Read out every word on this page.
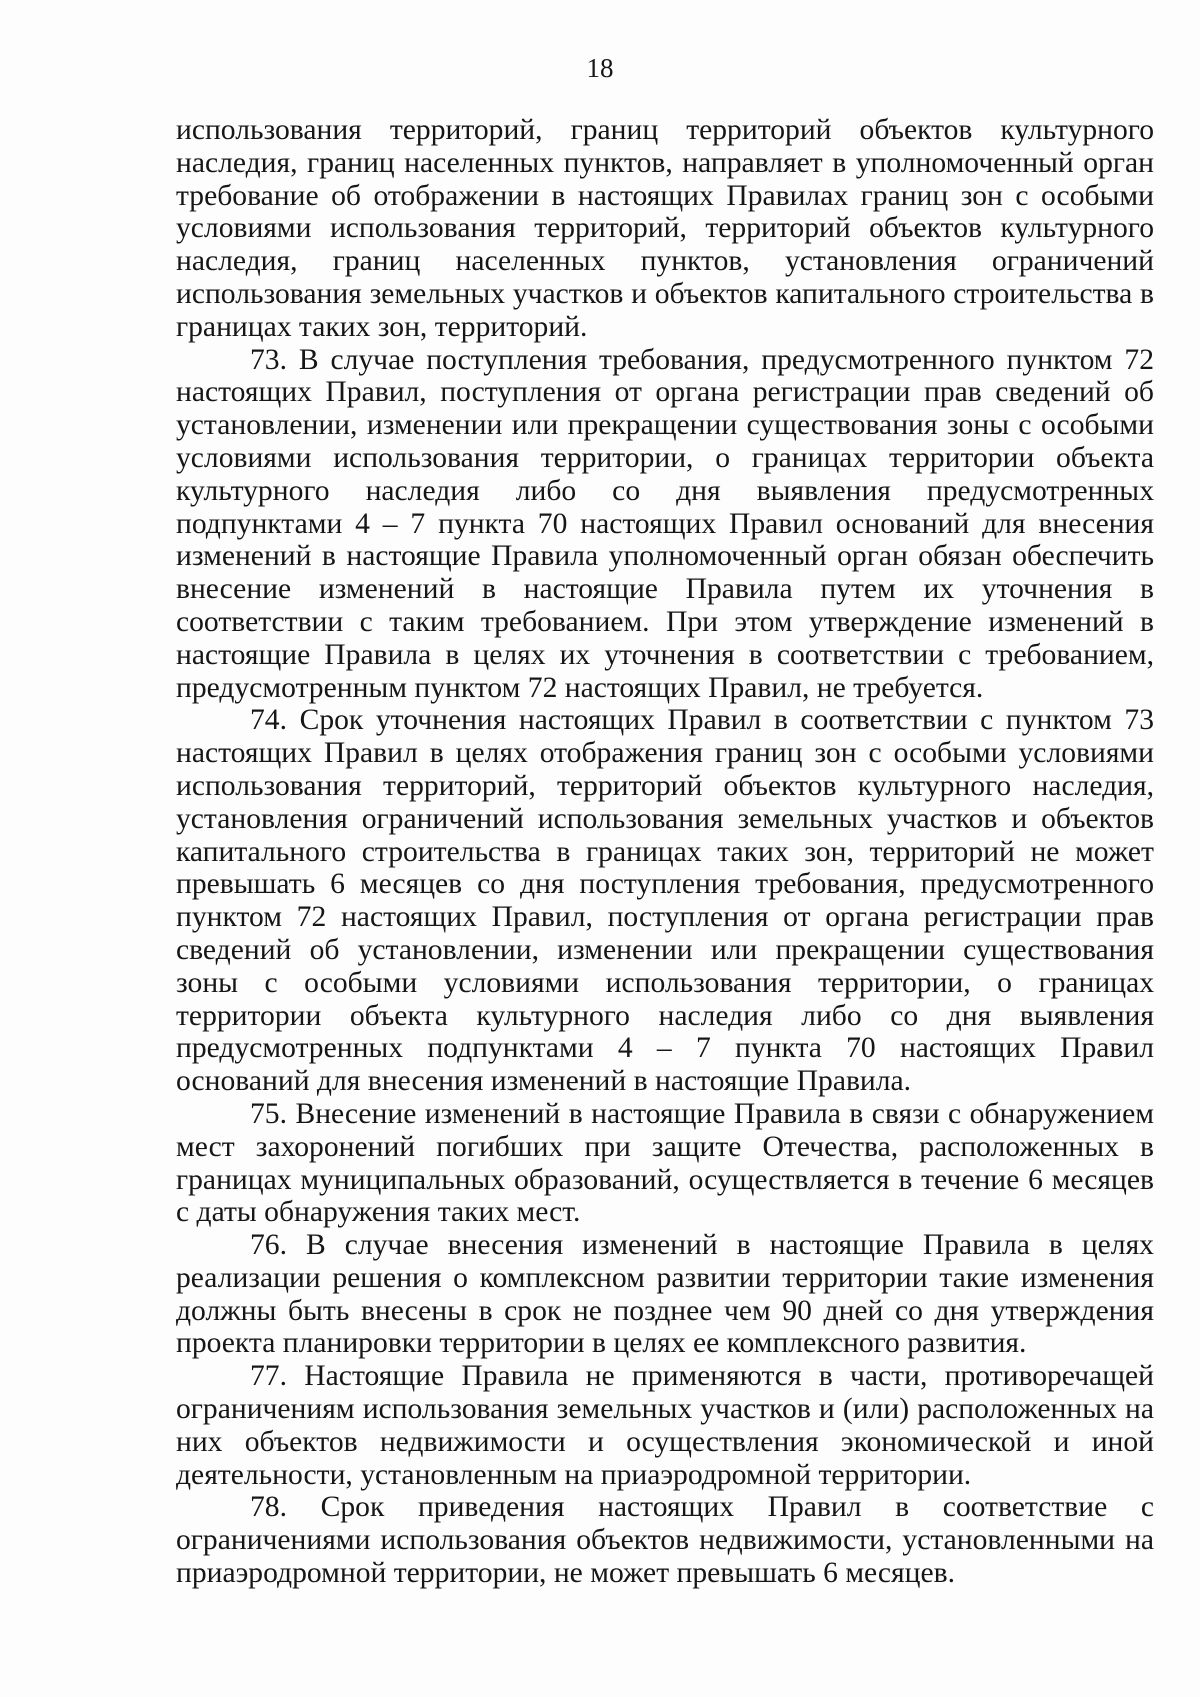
18

использования территорий, границ территорий объектов культурного наследия, границ населенных пунктов, направляет в уполномоченный орган требование об отображении в настоящих Правилах границ зон с особыми условиями использования территорий, территорий объектов культурного наследия, границ населенных пунктов, установления ограничений использования земельных участков и объектов капитального строительства в границах таких зон, территорий.

73. В случае поступления требования, предусмотренного пунктом 72 настоящих Правил, поступления от органа регистрации прав сведений об установлении, изменении или прекращении существования зоны с особыми условиями использования территории, о границах территории объекта культурного наследия либо со дня выявления предусмотренных подпунктами 4 – 7 пункта 70 настоящих Правил оснований для внесения изменений в настоящие Правила уполномоченный орган обязан обеспечить внесение изменений в настоящие Правила путем их уточнения в соответствии с таким требованием. При этом утверждение изменений в настоящие Правила в целях их уточнения в соответствии с требованием, предусмотренным пунктом 72 настоящих Правил, не требуется.

74. Срок уточнения настоящих Правил в соответствии с пунктом 73 настоящих Правил в целях отображения границ зон с особыми условиями использования территорий, территорий объектов культурного наследия, установления ограничений использования земельных участков и объектов капитального строительства в границах таких зон, территорий не может превышать 6 месяцев со дня поступления требования, предусмотренного пунктом 72 настоящих Правил, поступления от органа регистрации прав сведений об установлении, изменении или прекращении существования зоны с особыми условиями использования территории, о границах территории объекта культурного наследия либо со дня выявления предусмотренных подпунктами 4 – 7 пункта 70 настоящих Правил оснований для внесения изменений в настоящие Правила.

75. Внесение изменений в настоящие Правила в связи с обнаружением мест захоронений погибших при защите Отечества, расположенных в границах муниципальных образований, осуществляется в течение 6 месяцев с даты обнаружения таких мест.

76. В случае внесения изменений в настоящие Правила в целях реализации решения о комплексном развитии территории такие изменения должны быть внесены в срок не позднее чем 90 дней со дня утверждения проекта планировки территории в целях ее комплексного развития.

77. Настоящие Правила не применяются в части, противоречащей ограничениям использования земельных участков и (или) расположенных на них объектов недвижимости и осуществления экономической и иной деятельности, установленным на приаэродромной территории.

78. Срок приведения настоящих Правил в соответствие с ограничениями использования объектов недвижимости, установленными на приаэродромной территории, не может превышать 6 месяцев.
